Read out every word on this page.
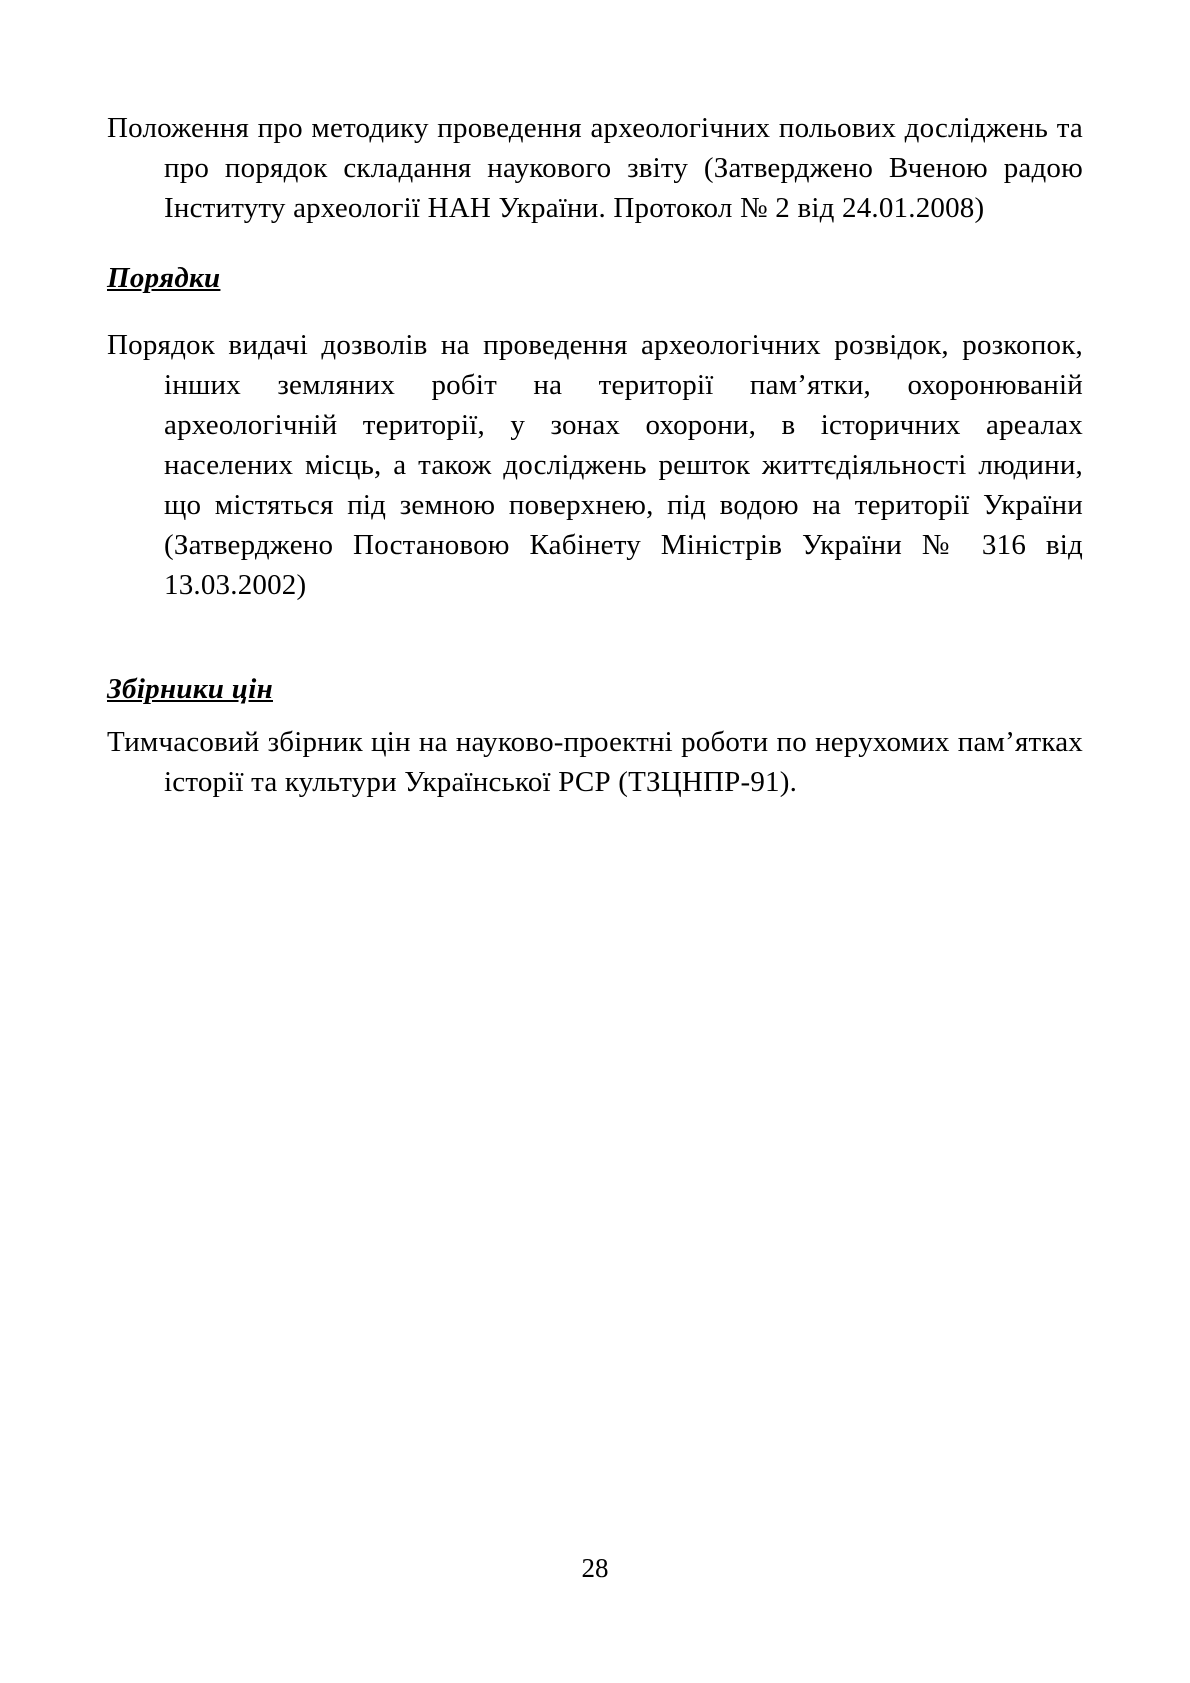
Положення про методику проведення археологічних польових досліджень та про порядок складання наукового звіту (Затверджено Вченою радою Інституту археології НАН України. Протокол № 2 від 24.01.2008)

Порядки

Порядок видачі дозволів на проведення археологічних розвідок, розкопок, інших земляних робіт на території пам’ятки, охоронюваній археологічній території, у зонах охорони, в історичних ареалах населених місць, а також досліджень решток життєдіяльності людини, що містяться під земною поверхнею, під водою на території України (Затверджено Постановою Кабінету Міністрів України № 316 від 13.03.2002)

Збірники цін

Тимчасовий збірник цін на науково-проектні роботи по нерухомих пам’ятках історії та культури Української РСР (ТЗЦНПР-91).

28
